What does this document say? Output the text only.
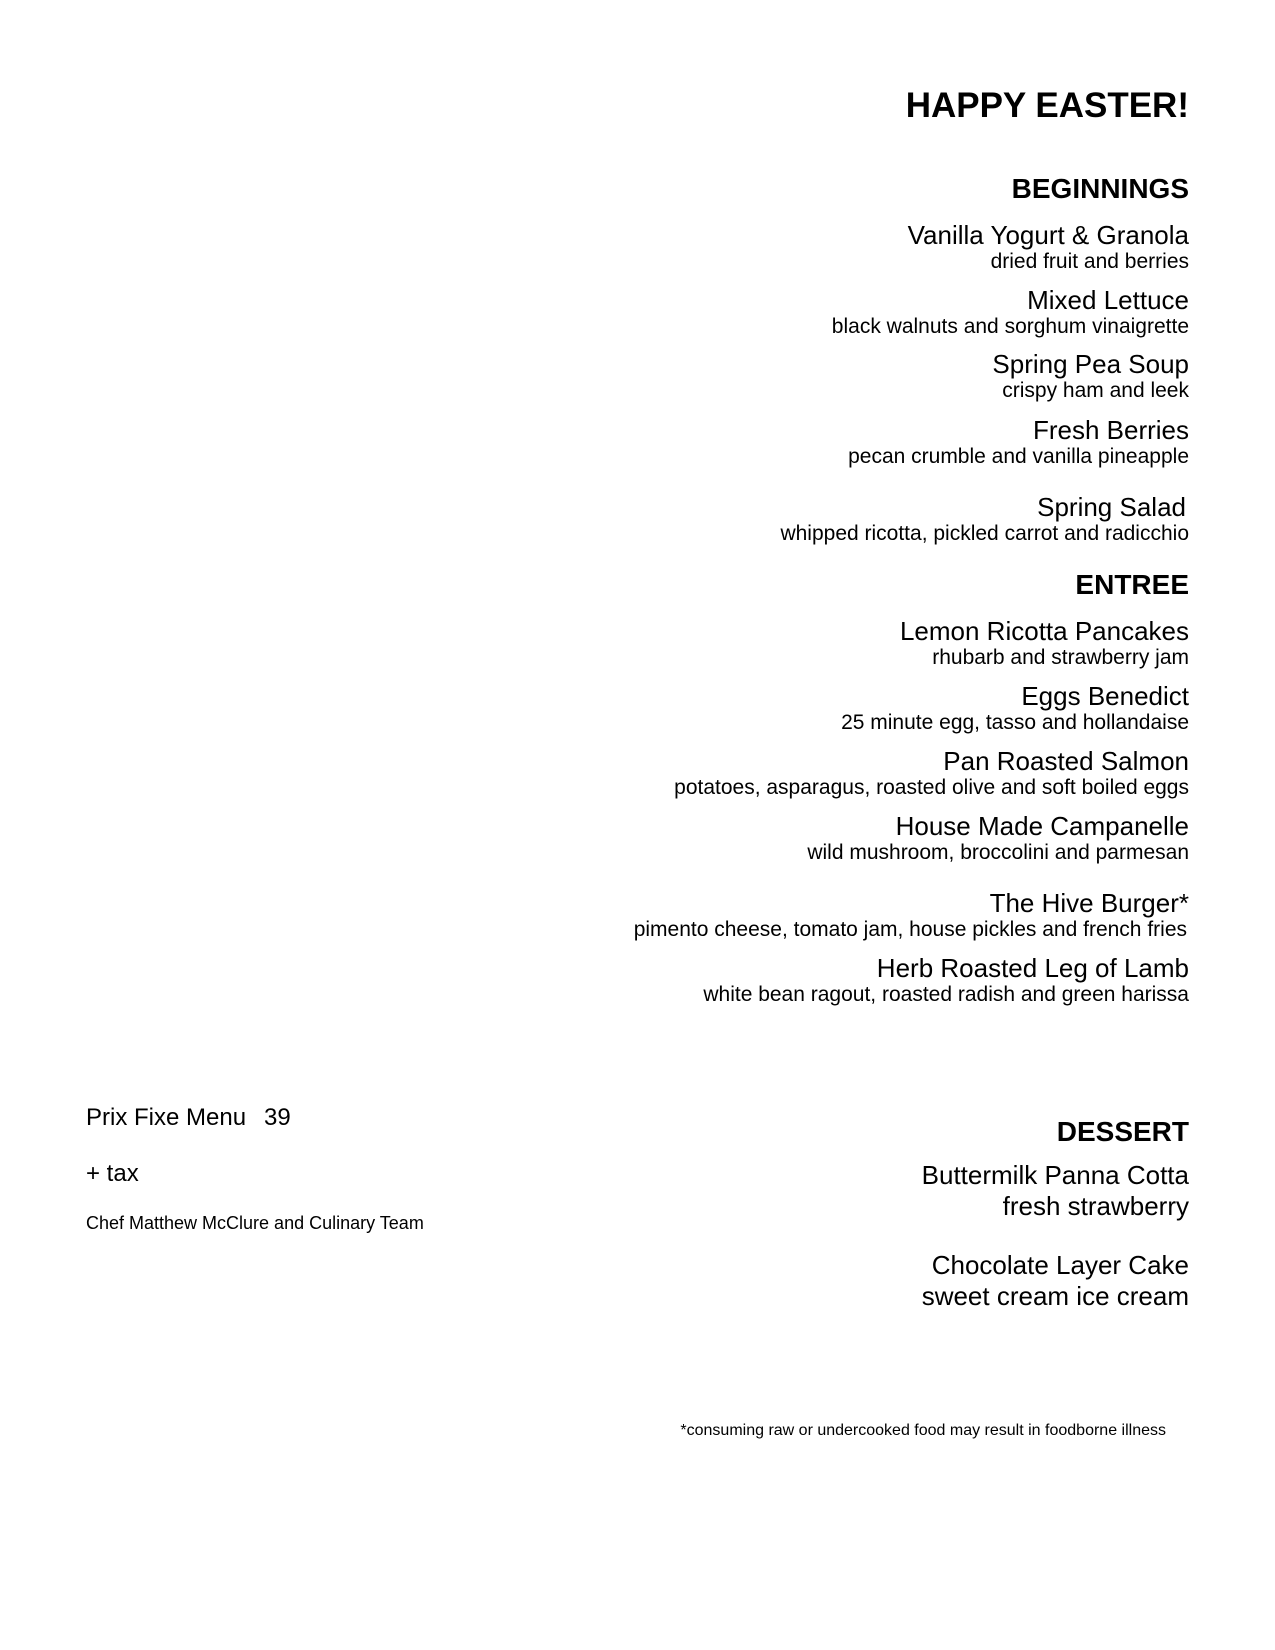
HAPPY EASTER!
BEGINNINGS
Vanilla Yogurt & Granola
dried fruit and berries
Mixed Lettuce
black walnuts and sorghum vinaigrette
Spring Pea Soup
crispy ham and leek
Fresh Berries
pecan crumble and vanilla pineapple
Spring Salad
whipped ricotta, pickled carrot and radicchio
ENTREE
Lemon Ricotta Pancakes
rhubarb and strawberry jam
Eggs Benedict
25 minute egg, tasso and hollandaise
Pan Roasted Salmon
potatoes, asparagus, roasted olive and soft boiled eggs
House Made Campanelle
wild mushroom, broccolini and parmesan
The Hive Burger*
pimento cheese, tomato jam, house pickles and french fries
Herb Roasted Leg of Lamb
white bean ragout, roasted radish and green harissa
DESSERT
Buttermilk Panna Cotta
fresh strawberry
Chocolate Layer Cake
sweet cream ice cream
Prix Fixe Menu 39
+ tax
Chef Matthew McClure and Culinary Team
*consuming raw or undercooked food may result in foodborne illness
